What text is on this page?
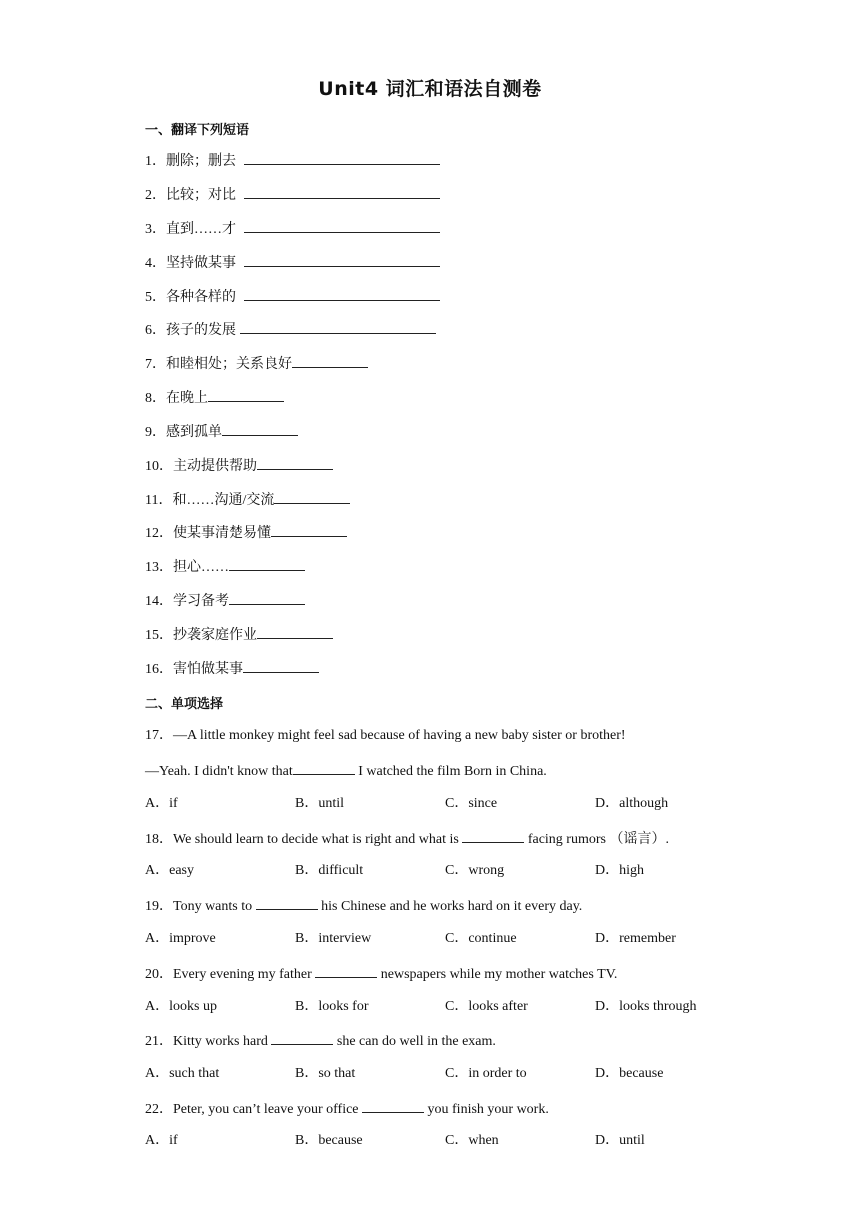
Unit4 词汇和语法自测卷
一、翻译下列短语
1．删除；删去
2．比较；对比
3．直到……才
4．坚持做某事
5．各种各样的
6．孩子的发展
7．和睦相处；关系良好
8．在晚上
9．感到孤单
10．主动提供帮助
11．和……沟通/交流
12．使某事清楚易懂
13．担心……
14．学习备考
15．抄袭家庭作业
16．害怕做某事
二、单项选择
17．—A little monkey might feel sad because of having a new baby sister or brother!
—Yeah. I didn't know that	I watched the film Born in China.
A．if	B．until	C．since	D．although
18．We should learn to decide what is right and what is	facing rumors （谣言）.
A．easy	B．difficult	C．wrong	D．high
19．Tony wants to	his Chinese and he works hard on it every day.
A．improve	B．interview	C．continue	D．remember
20．Every evening my father	newspapers while my mother watches TV.
A．looks up	B．looks for	C．looks after	D．looks through
21．Kitty works hard	she can do well in the exam.
A．such that	B．so that	C．in order to	D．because
22．Peter, you can’t leave your office	you finish your work.
A．if	B．because	C．when	D．until
